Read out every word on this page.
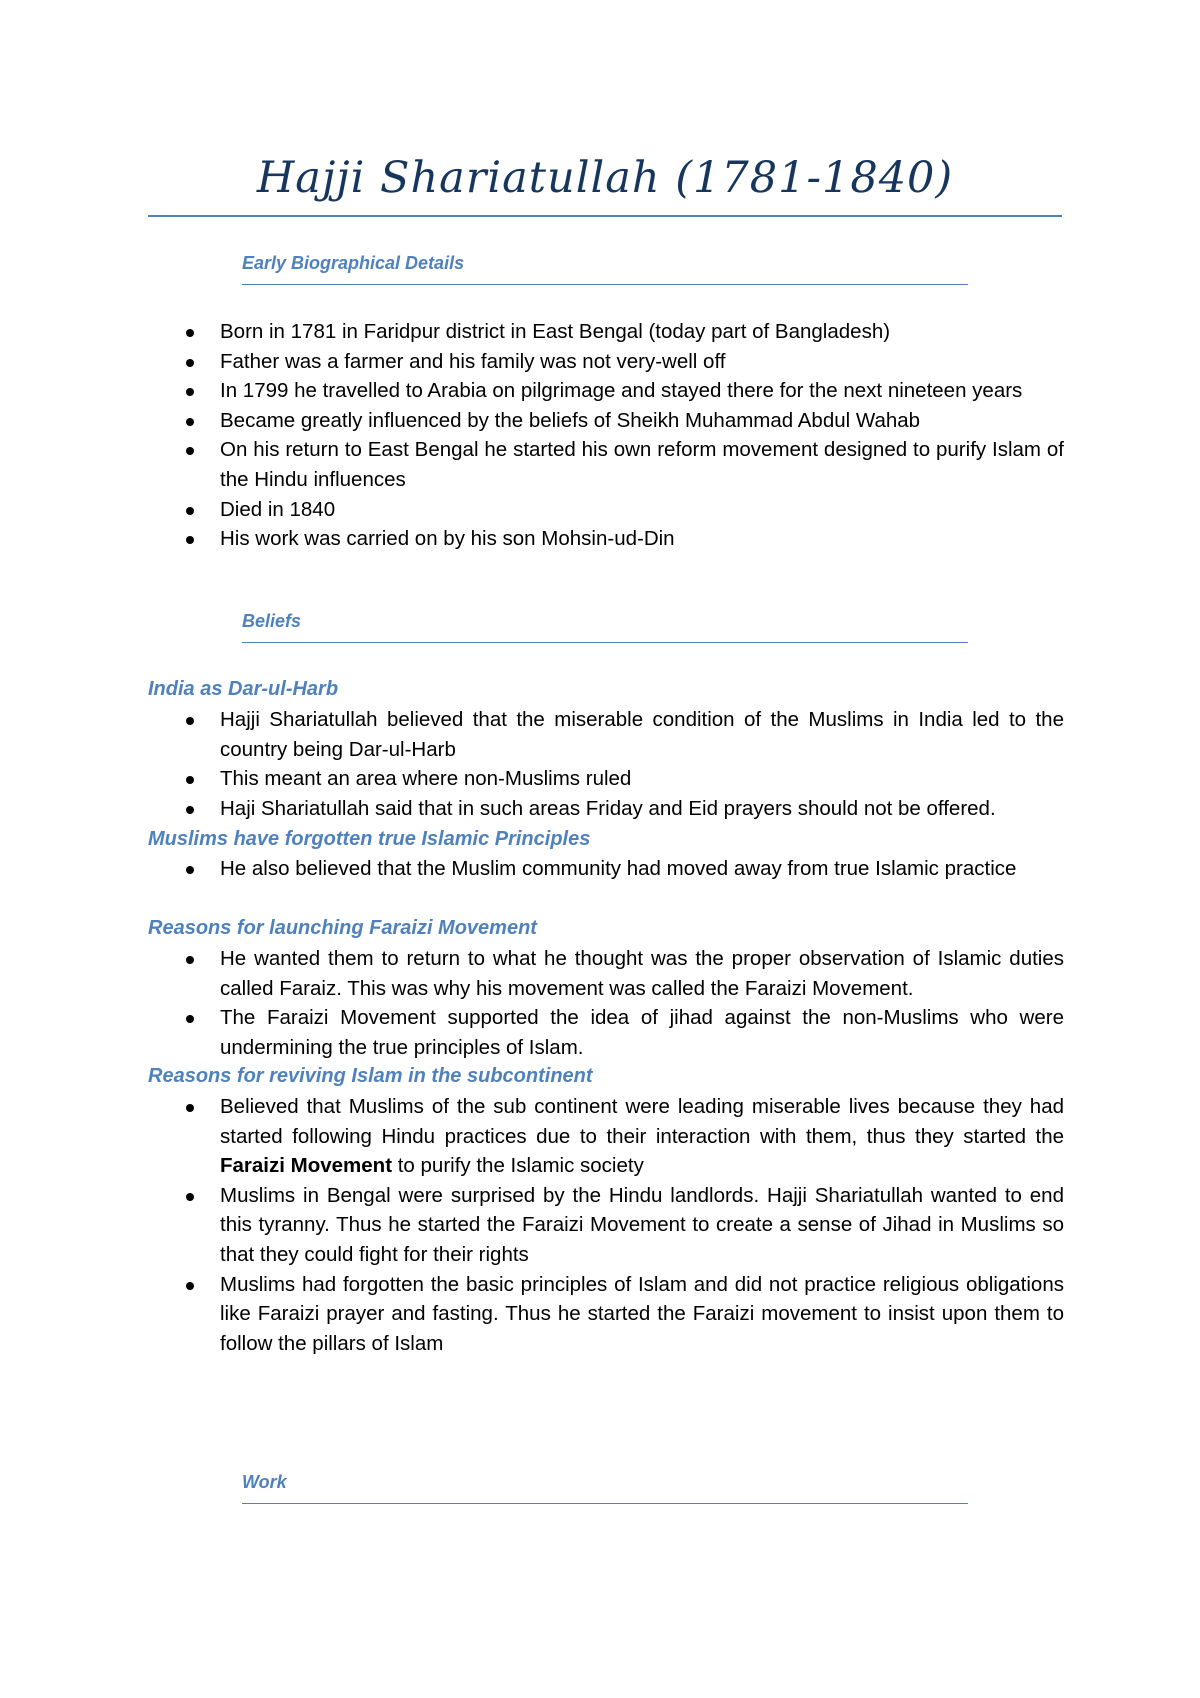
Hajji Shariatullah (1781-1840)
Early Biographical Details
Born in 1781 in Faridpur district in East Bengal (today part of Bangladesh)
Father was a farmer and his family was not very-well off
In 1799 he travelled to Arabia on pilgrimage and stayed there for the next nineteen years
Became greatly influenced by the beliefs of Sheikh Muhammad Abdul Wahab
On his return to East Bengal he started his own reform movement designed to purify Islam of the Hindu influences
Died in 1840
His work was carried on by his son Mohsin-ud-Din
Beliefs
India as Dar-ul-Harb
Hajji Shariatullah believed that the miserable condition of the Muslims in India led to the country being Dar-ul-Harb
This meant an area where non-Muslims ruled
Haji Shariatullah said that in such areas Friday and Eid prayers should not be offered.
Muslims have forgotten true Islamic Principles
He also believed that the Muslim community had moved away from true Islamic practice
Reasons for launching Faraizi Movement
He wanted them to return to what he thought was the proper observation of Islamic duties called Faraiz. This was why his movement was called the Faraizi Movement.
The Faraizi Movement supported the idea of jihad against the non-Muslims who were undermining the true principles of Islam.
Reasons for reviving Islam in the subcontinent
Believed that Muslims of the sub continent were leading miserable lives because they had started following Hindu practices due to their interaction with them, thus they started the Faraizi Movement to purify the Islamic society
Muslims in Bengal were surprised by the Hindu landlords. Hajji Shariatullah wanted to end this tyranny. Thus he started the Faraizi Movement to create a sense of Jihad in Muslims so that they could fight for their rights
Muslims had forgotten the basic principles of Islam and did not practice religious obligations like Faraizi prayer and fasting. Thus he started the Faraizi movement to insist upon them to follow the pillars of Islam
Work
